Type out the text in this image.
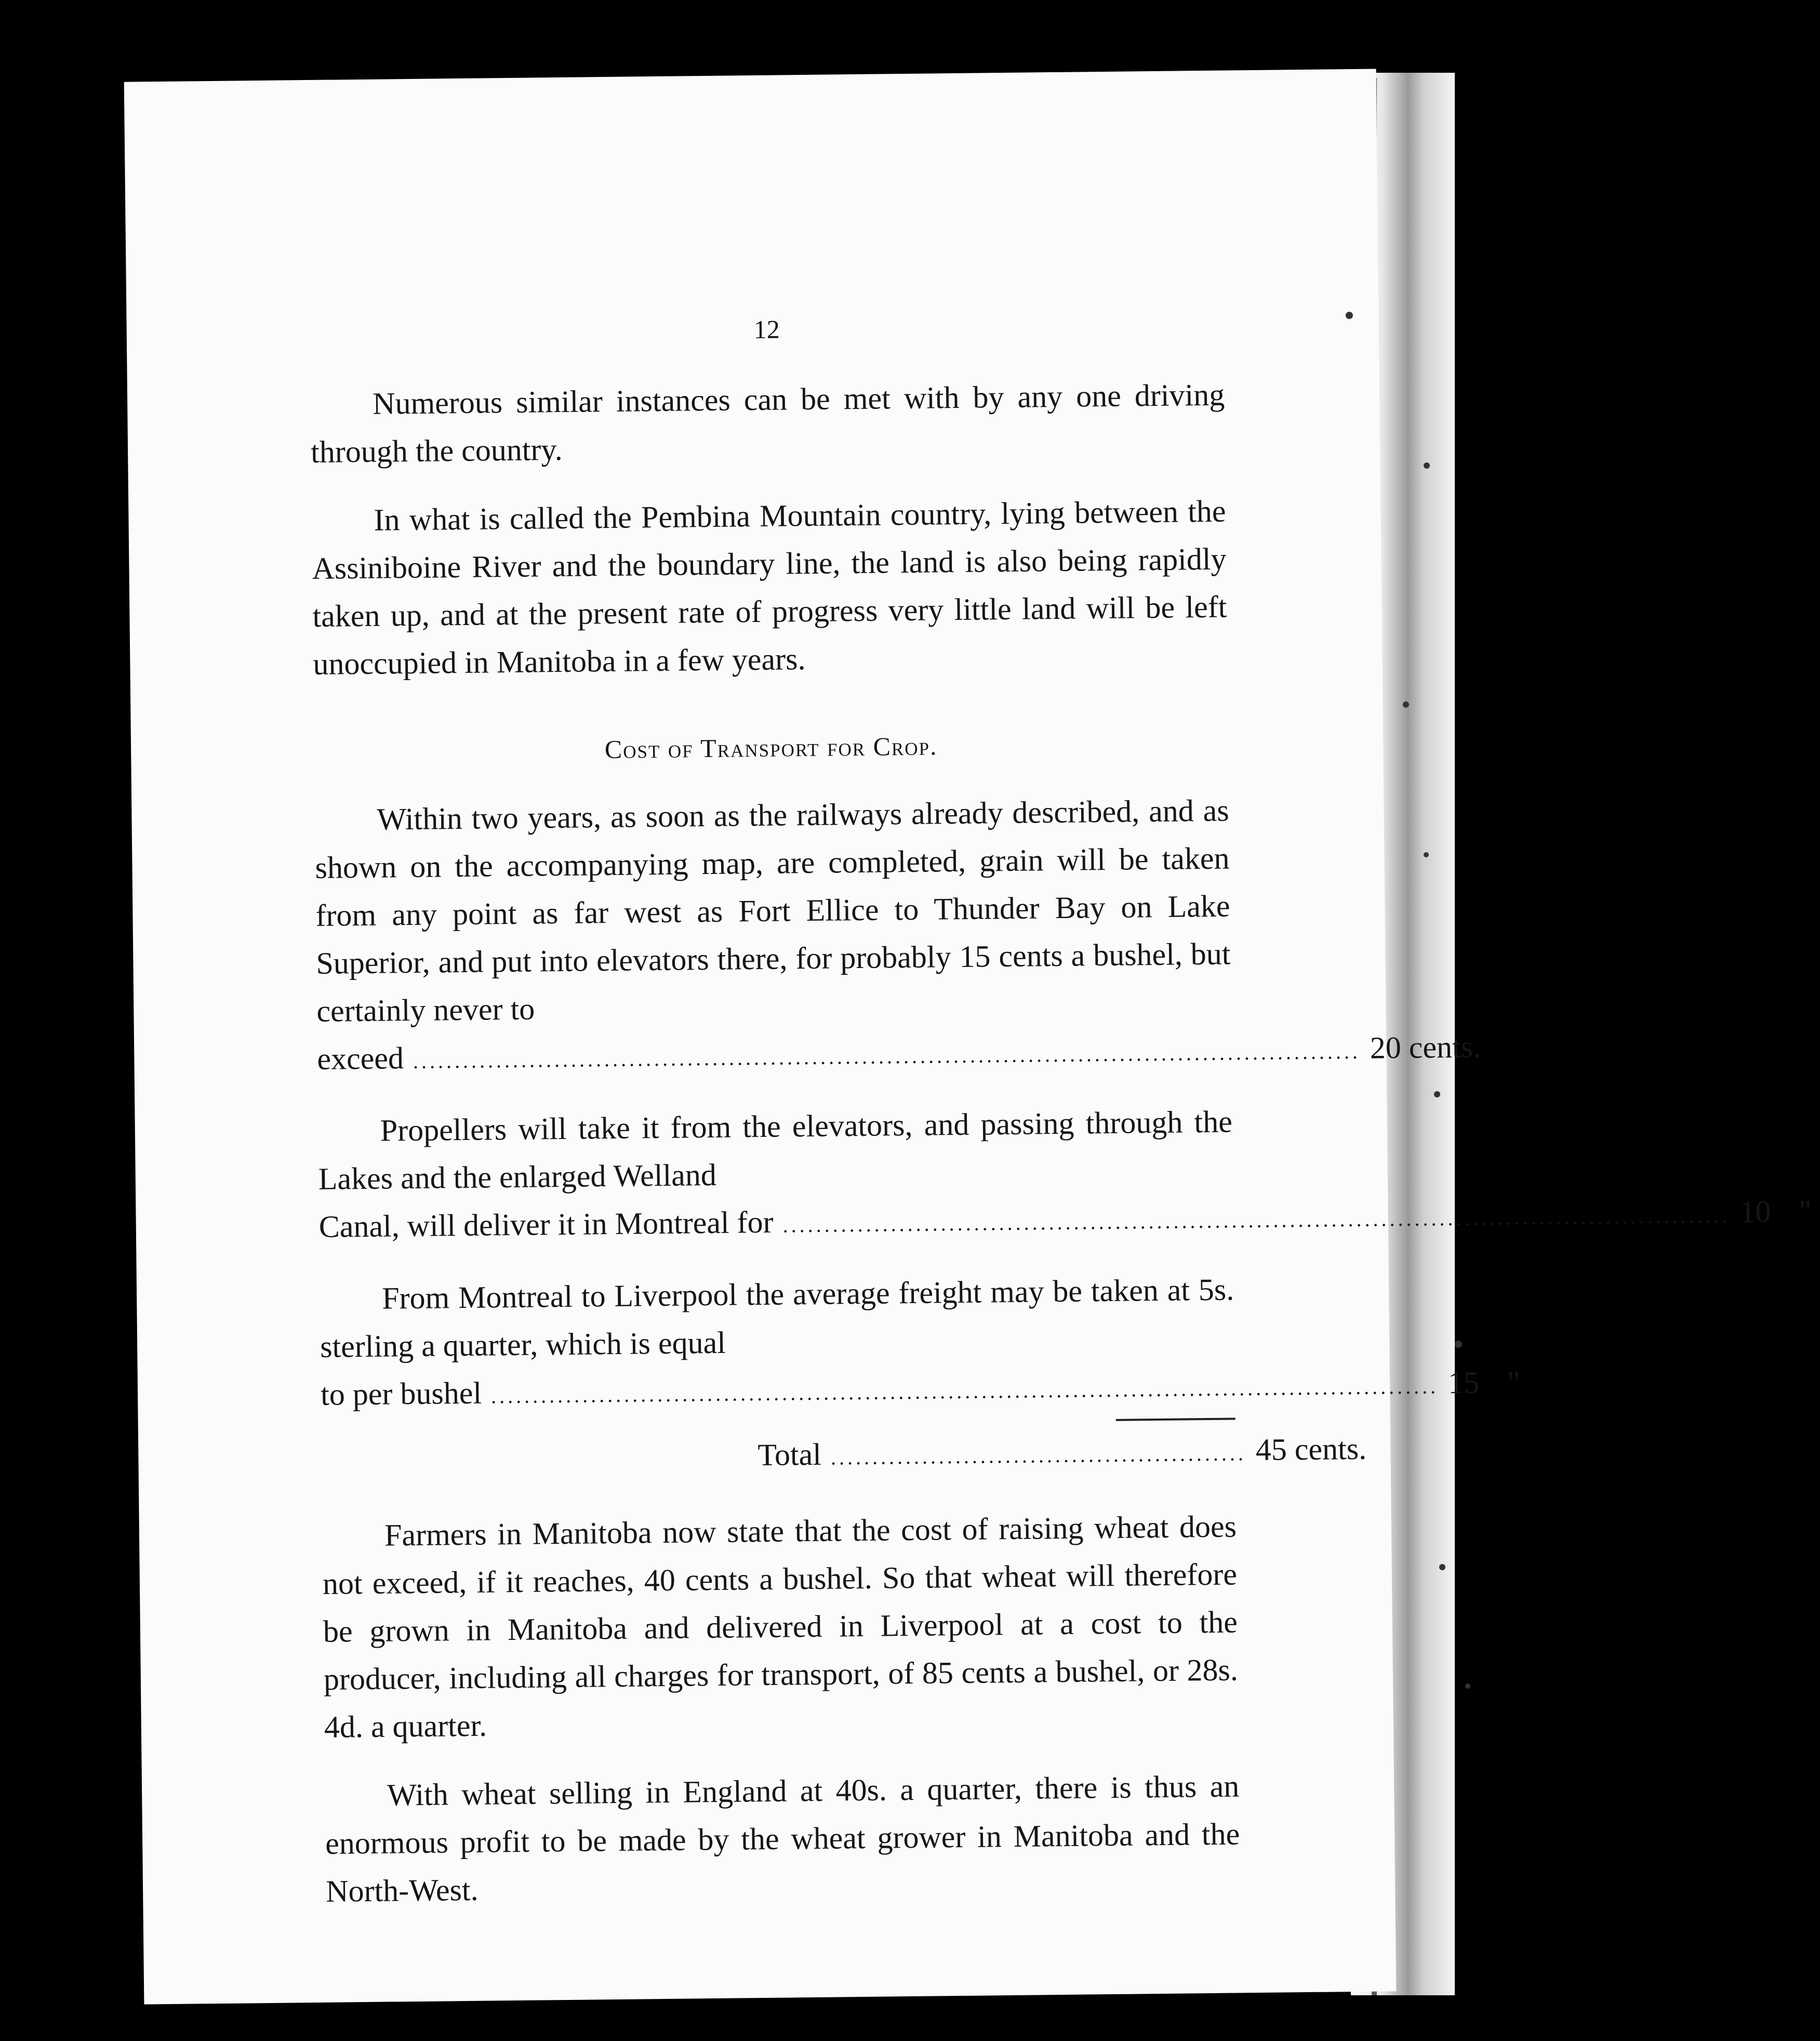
12

Numerous similar instances can be met with by any one driving through the country.

In what is called the Pembina Mountain country, lying between the Assiniboine River and the boundary line, the land is also being rapidly taken up, and at the present rate of progress very little land will be left unoccupied in Manitoba in a few years.

Cost of Transport for Crop.

Within two years, as soon as the railways already described, and as shown on the accompanying map, are completed, grain will be taken from any point as far west as Fort Ellice to Thunder Bay on Lake Superior, and put into elevators there, for probably 15 cents a bushel, but certainly never to

exceed .................................................................................................................. 20 cents.

Propellers will take it from the elevators, and passing through the Lakes and the enlarged Welland

Canal, will deliver it in Montreal for .................................................................................................................. 10 "

From Montreal to Liverpool the average freight may be taken at 5s. sterling a quarter, which is equal

to per bushel .................................................................................................................. 15 "
Total .................................................. 45 cents.

Farmers in Manitoba now state that the cost of raising wheat does not exceed, if it reaches, 40 cents a bushel. So that wheat will therefore be grown in Manitoba and delivered in Liverpool at a cost to the producer, including all charges for transport, of 85 cents a bushel, or 28s. 4d. a quarter.

With wheat selling in England at 40s. a quarter, there is thus an enormous profit to be made by the wheat grower in Manitoba and the North-West.
